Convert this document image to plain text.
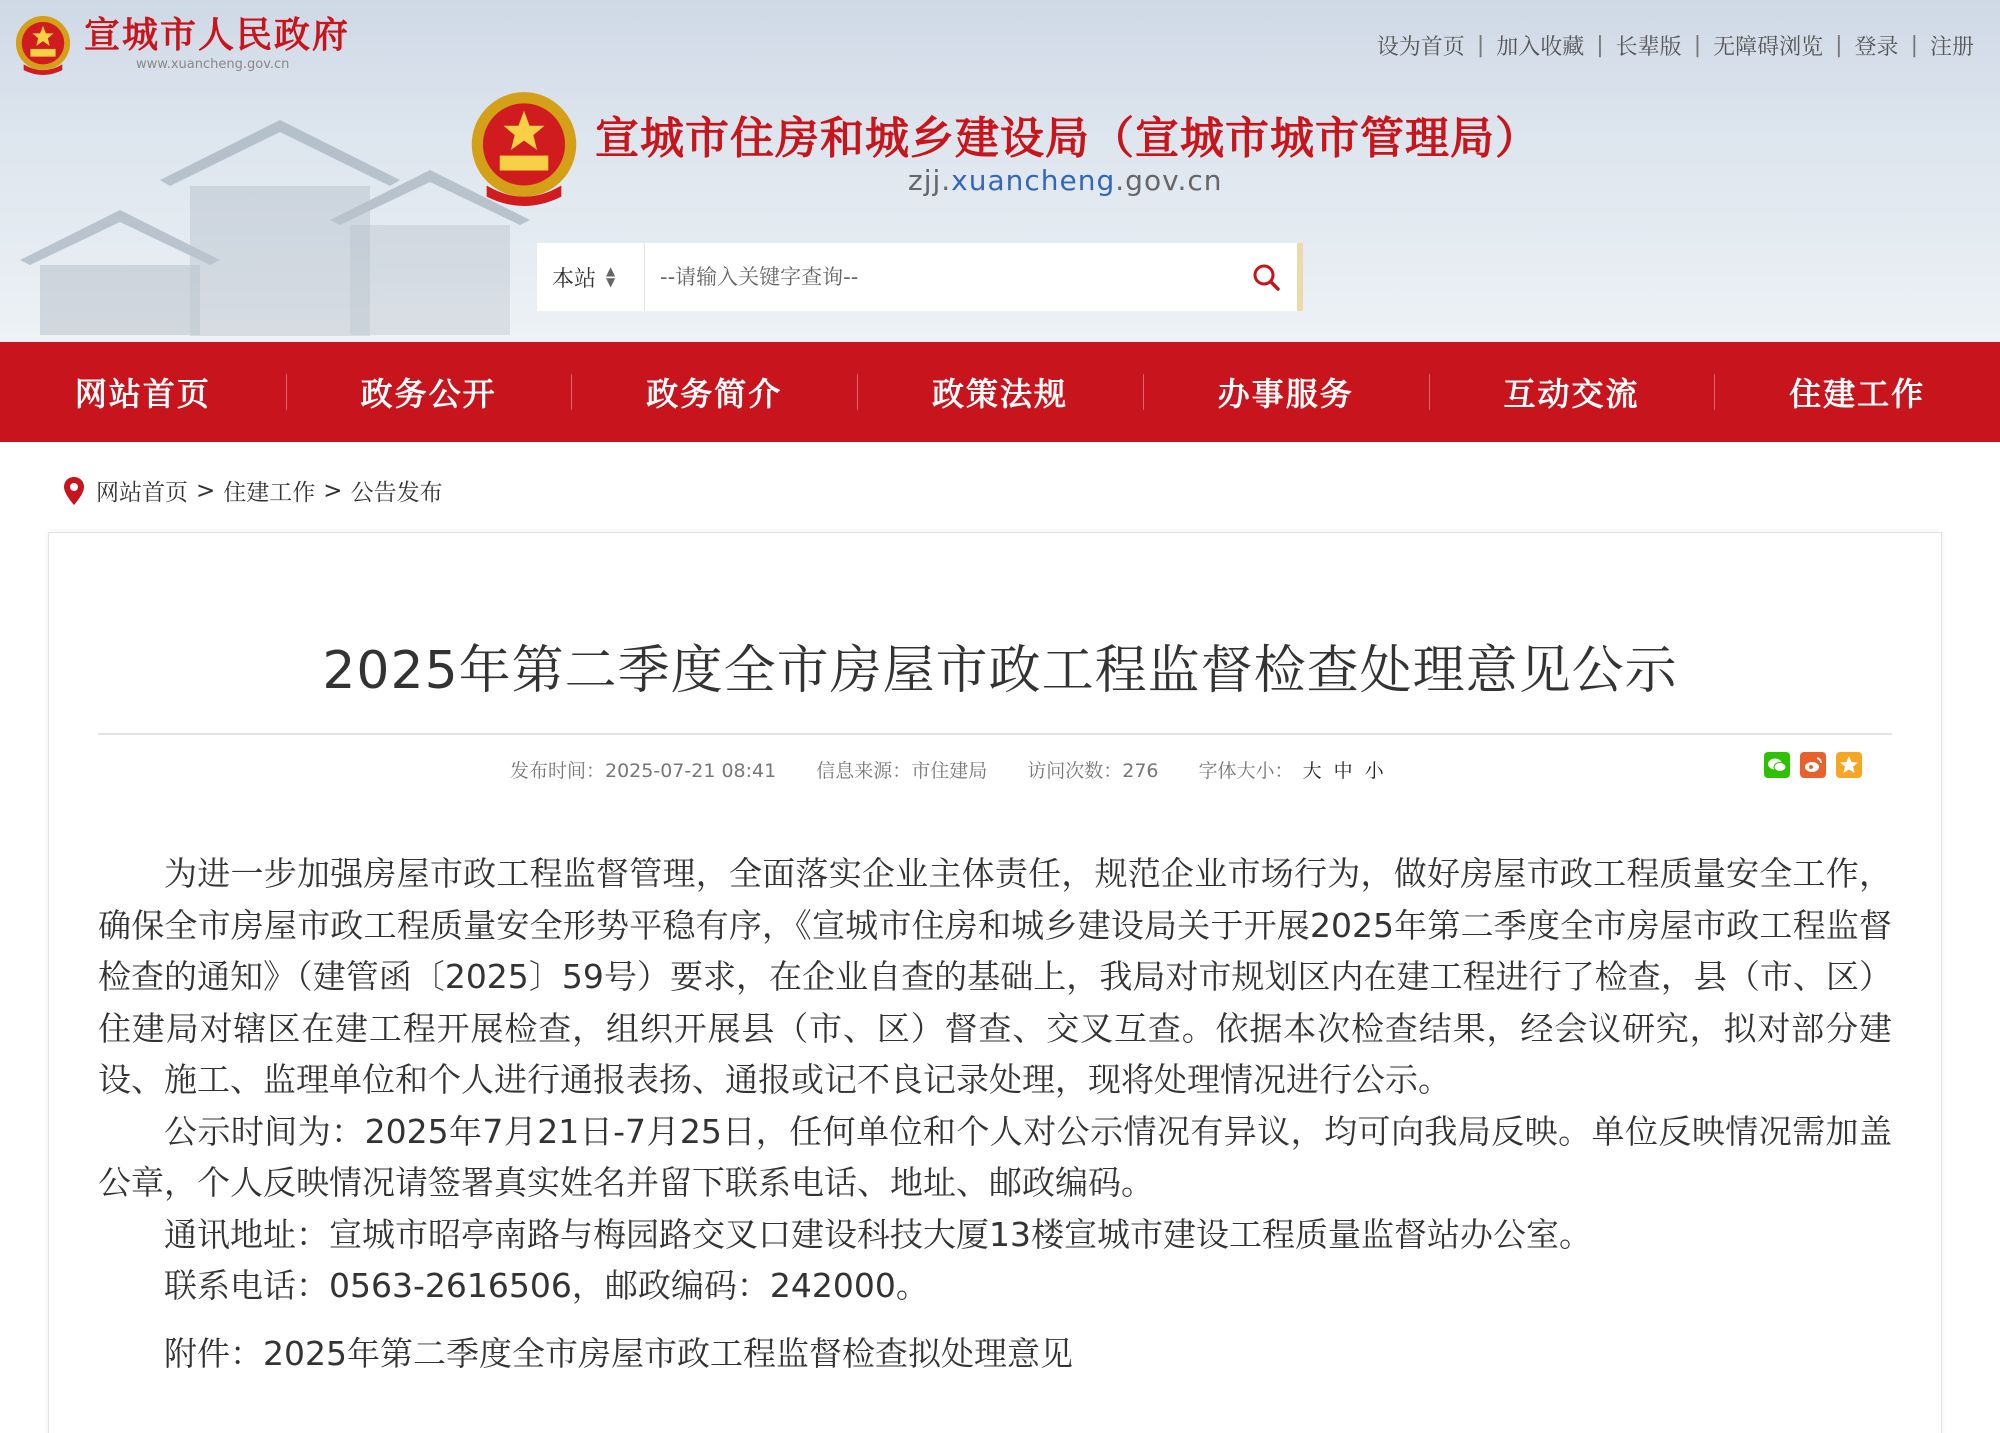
宣城市人民政府
www.xuancheng.gov.cn
设为首页 | 加入收藏 | 长辈版 | 无障碍浏览 | 登录 | 注册
宣城市住房和城乡建设局（宣城市城市管理局）
zjj.xuancheng.gov.cn
本站 ▲
▼
--请输入关键字查询--
网站首页	政务公开	政务简介	政策法规	办事服务	互动交流	住建工作
网站首页 > 住建工作 > 公告发布
2025年第二季度全市房屋市政工程监督检查处理意见公示
发布时间：2025-07-21 08:41 信息来源：市住建局 访问次数：276 字体大小： 大 中 小

为进一步加强房屋市政工程监督管理，全面落实企业主体责任，规范企业市场行为，做好房屋市政工程质量安全工作，确保全市房屋市政工程质量安全形势平稳有序，《宣城市住房和城乡建设局关于开展2025年第二季度全市房屋市政工程监督检查的通知》（建管函〔2025〕59号）要求，在企业自查的基础上，我局对市规划区内在建工程进行了检查，县（市、区）住建局对辖区在建工程开展检查，组织开展县（市、区）督查、交叉互查。依据本次检查结果，经会议研究，拟对部分建设、施工、监理单位和个人进行通报表扬、通报或记不良记录处理，现将处理情况进行公示。

公示时间为：2025年7月21日-7月25日，任何单位和个人对公示情况有异议，均可向我局反映。单位反映情况需加盖公章，个人反映情况请签署真实姓名并留下联系电话、地址、邮政编码。

通讯地址：宣城市昭亭南路与梅园路交叉口建设科技大厦13楼宣城市建设工程质量监督站办公室。

联系电话：0563-2616506，邮政编码：242000。

附件：2025年第二季度全市房屋市政工程监督检查拟处理意见
